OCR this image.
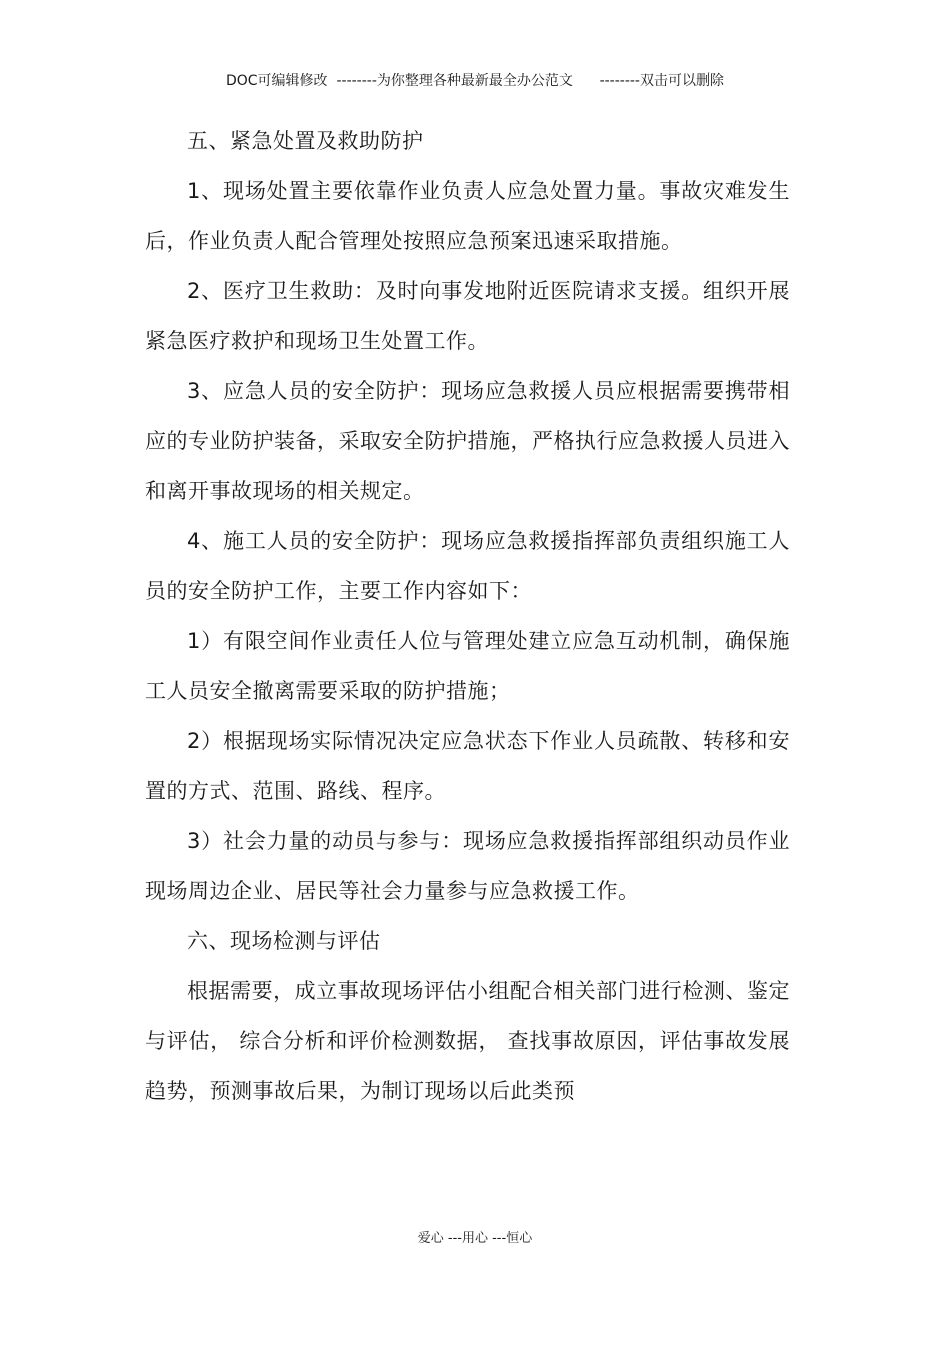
DOC可编辑修改  --------为你整理各种最新最全办公范文      --------双击可以删除

五、紧急处置及救助防护

1、现场处置主要依靠作业负责人应急处置力量。事故灾难发生后，作业负责人配合管理处按照应急预案迅速采取措施。

2、医疗卫生救助：及时向事发地附近医院请求支援。组织开展紧急医疗救护和现场卫生处置工作。

3、应急人员的安全防护：现场应急救援人员应根据需要携带相应的专业防护装备，采取安全防护措施，严格执行应急救援人员进入和离开事故现场的相关规定。

4、施工人员的安全防护：现场应急救援指挥部负责组织施工人员的安全防护工作，主要工作内容如下：

1）有限空间作业责任人位与管理处建立应急互动机制，确保施工人员安全撤离需要采取的防护措施；

2）根据现场实际情况决定应急状态下作业人员疏散、转移和安置的方式、范围、路线、程序。

3）社会力量的动员与参与：现场应急救援指挥部组织动员作业现场周边企业、居民等社会力量参与应急救援工作。

六、现场检测与评估

根据需要，成立事故现场评估小组配合相关部门进行检测、鉴定与评估， 综合分析和评价检测数据， 查找事故原因，评估事故发展趋势，预测事故后果，为制订现场以后此类预

爱心 ---用心 ---恒心
